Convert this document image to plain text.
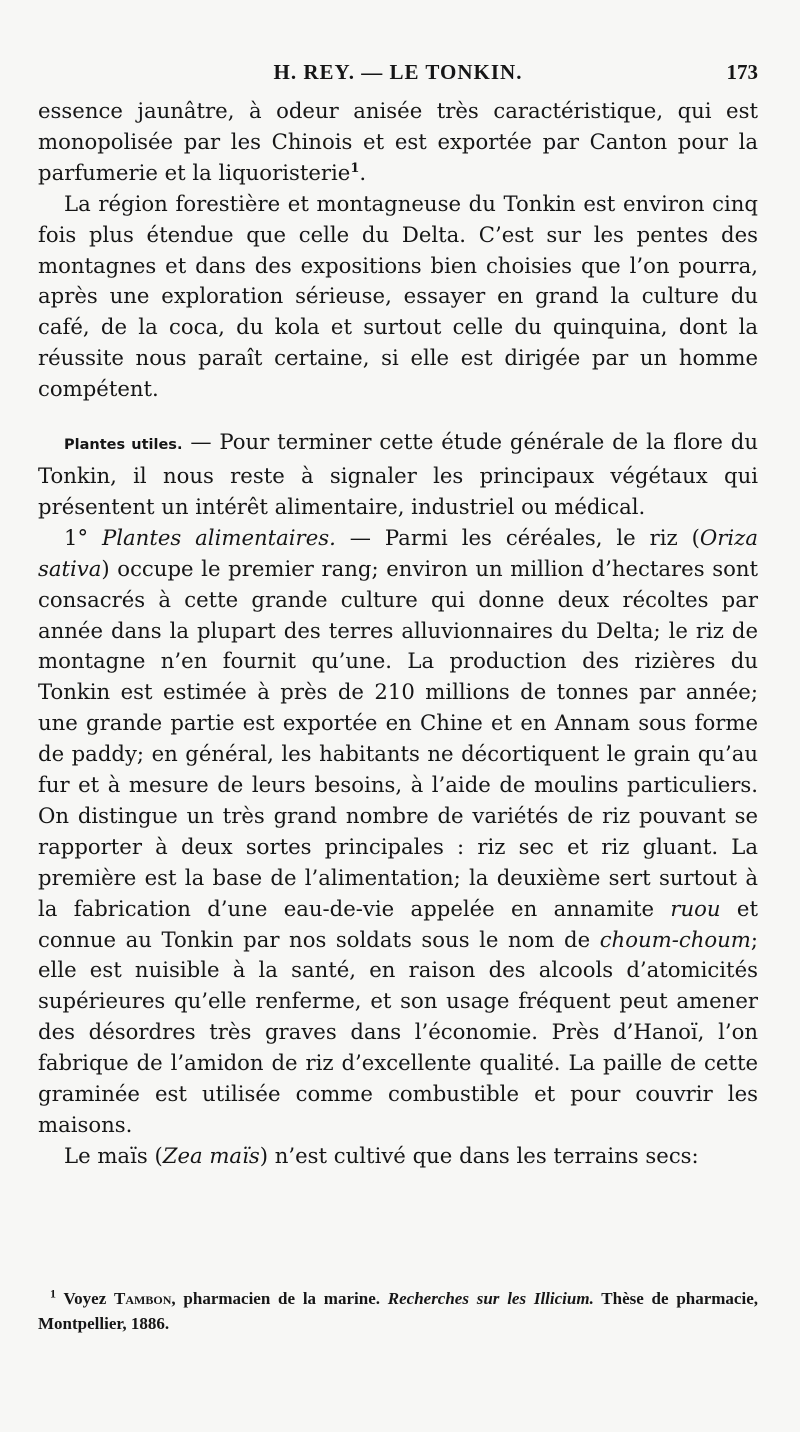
H. REY. — LE TONKIN.	173

essence jaunâtre, à odeur anisée très caractéristique, qui est monopolisée par les Chinois et est exportée par Canton pour la parfumerie et la liquoristerie$^1$.

La région forestière et montagneuse du Tonkin est environ cinq fois plus étendue que celle du Delta. C’est sur les pentes des montagnes et dans des expositions bien choisies que l’on pourra, après une exploration sérieuse, essayer en grand la culture du café, de la coca, du kola et surtout celle du quinquina, dont la réussite nous paraît certaine, si elle est dirigée par un homme compétent.

Plantes utiles. — Pour terminer cette étude générale de la flore du Tonkin, il nous reste à signaler les principaux végétaux qui présentent un intérêt alimentaire, industriel ou médical.

1° Plantes alimentaires. — Parmi les céréales, le riz (Oriza sativa) occupe le premier rang; environ un million d’hectares sont consacrés à cette grande culture qui donne deux récoltes par année dans la plupart des terres alluvionnaires du Delta; le riz de montagne n’en fournit qu’une. La production des rizières du Tonkin est estimée à près de 210 millions de tonnes par année; une grande partie est exportée en Chine et en Annam sous forme de paddy; en général, les habitants ne décortiquent le grain qu’au fur et à mesure de leurs besoins, à l’aide de moulins particuliers. On distingue un très grand nombre de variétés de riz pouvant se rapporter à deux sortes principales : riz sec et riz gluant. La première est la base de l’alimentation; la deuxième sert surtout à la fabrication d’une eau-de-vie appelée en annamite ruou et connue au Tonkin par nos soldats sous le nom de choum-choum; elle est nuisible à la santé, en raison des alcools d’atomicités supérieures qu’elle renferme, et son usage fréquent peut amener des désordres très graves dans l’économie. Près d’Hanoï, l’on fabrique de l’amidon de riz d’excellente qualité. La paille de cette graminée est utilisée comme combustible et pour couvrir les maisons.

Le maïs (Zea maïs) n’est cultivé que dans les terrains secs:

$^1$ Voyez Tambon, pharmacien de la marine. Recherches sur les Illicium. Thèse de pharmacie, Montpellier, 1886.
